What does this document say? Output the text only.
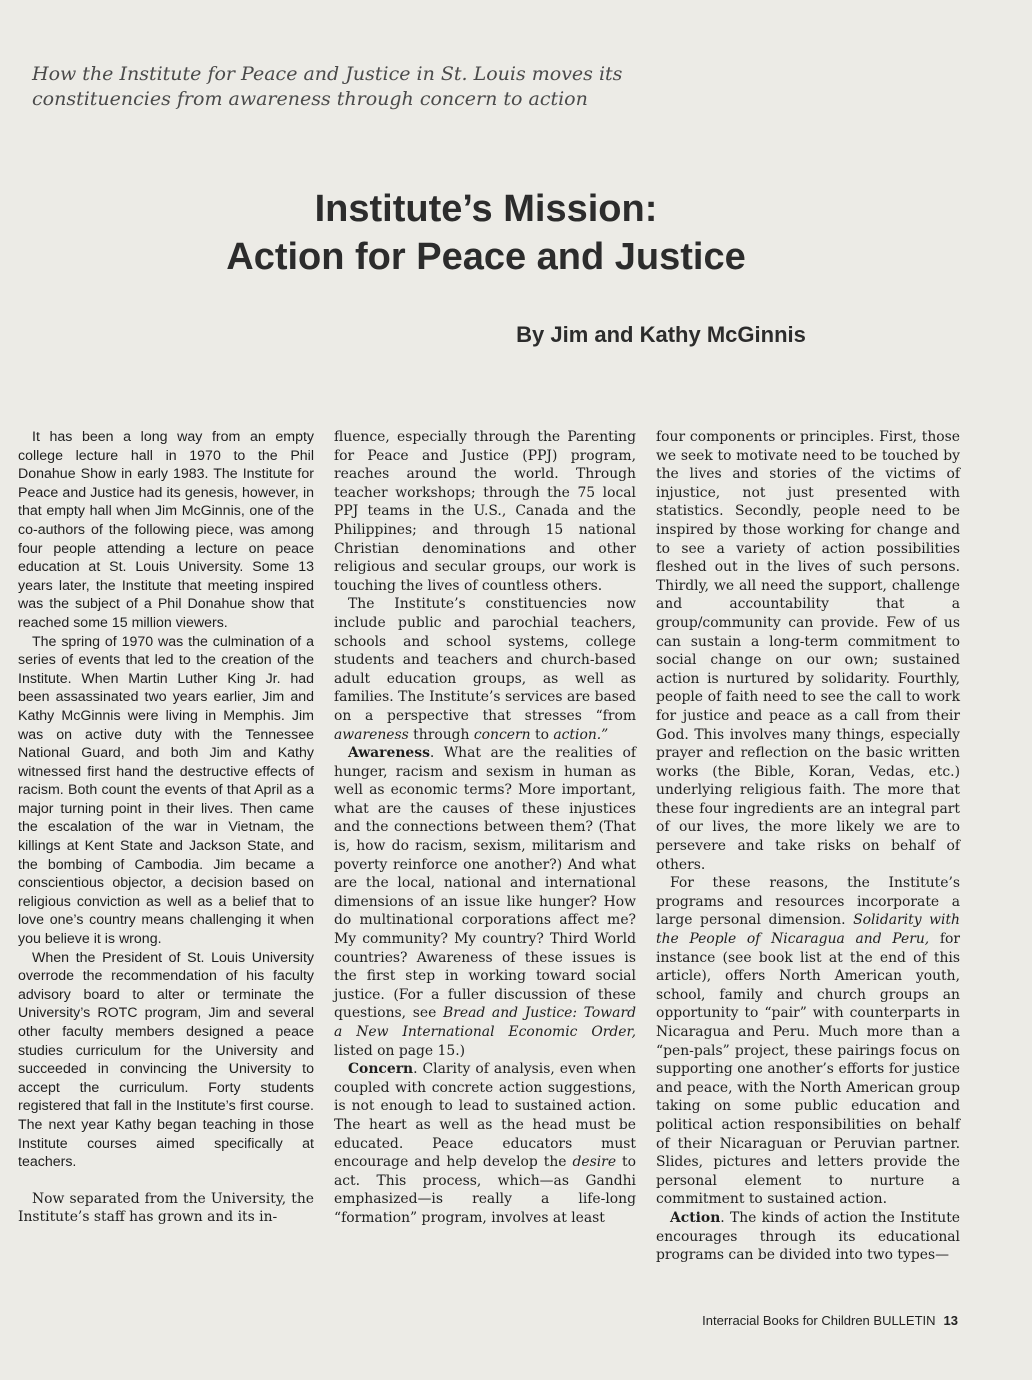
How the Institute for Peace and Justice in St. Louis moves its
constituencies from awareness through concern to action
Institute’s Mission:
Action for Peace and Justice
By Jim and Kathy McGinnis

It has been a long way from an empty college lecture hall in 1970 to the Phil Donahue Show in early 1983. The Institute for Peace and Justice had its genesis, however, in that empty hall when Jim McGinnis, one of the co-authors of the following piece, was among four people attending a lecture on peace education at St. Louis University. Some 13 years later, the Institute that meeting inspired was the subject of a Phil Donahue show that reached some 15 million viewers.

The spring of 1970 was the culmination of a series of events that led to the creation of the Institute. When Martin Luther King Jr. had been assassinated two years earlier, Jim and Kathy McGinnis were living in Memphis. Jim was on active duty with the Tennessee National Guard, and both Jim and Kathy witnessed first hand the destructive effects of racism. Both count the events of that April as a major turning point in their lives. Then came the escalation of the war in Vietnam, the killings at Kent State and Jackson State, and the bombing of Cambodia. Jim became a conscientious objector, a decision based on religious conviction as well as a belief that to love one’s country means challenging it when you believe it is wrong.

When the President of St. Louis University overrode the recommendation of his faculty advisory board to alter or terminate the University’s ROTC program, Jim and several other faculty members designed a peace studies curriculum for the University and succeeded in convincing the University to accept the curriculum. Forty students registered that fall in the Institute’s first course. The next year Kathy began teaching in those Institute courses aimed specifically at teachers.

Now separated from the University, the Institute’s staff has grown and its in-

fluence, especially through the Parenting for Peace and Justice (PPJ) program, reaches around the world. Through teacher workshops; through the 75 local PPJ teams in the U.S., Canada and the Philippines; and through 15 national Christian denominations and other religious and secular groups, our work is touching the lives of countless others.

The Institute’s constituencies now include public and parochial teachers, schools and school systems, college students and teachers and church-based adult education groups, as well as families. The Institute’s services are based on a perspective that stresses “from awareness through concern to action.”

Awareness. What are the realities of hunger, racism and sexism in human as well as economic terms? More important, what are the causes of these injustices and the connections between them? (That is, how do racism, sexism, militarism and poverty reinforce one another?) And what are the local, national and international dimensions of an issue like hunger? How do multinational corporations affect me? My community? My country? Third World countries? Awareness of these issues is the first step in working toward social justice. (For a fuller discussion of these questions, see Bread and Justice: Toward a New International Economic Order, listed on page 15.)

Concern. Clarity of analysis, even when coupled with concrete action suggestions, is not enough to lead to sustained action. The heart as well as the head must be educated. Peace educators must encourage and help develop the desire to act. This process, which—as Gandhi emphasized—is really a life-long “formation” program, involves at least

four components or principles. First, those we seek to motivate need to be touched by the lives and stories of the victims of injustice, not just presented with statistics. Secondly, people need to be inspired by those working for change and to see a variety of action possibilities fleshed out in the lives of such persons. Thirdly, we all need the support, challenge and accountability that a group/community can provide. Few of us can sustain a long-term commitment to social change on our own; sustained action is nurtured by solidarity. Fourthly, people of faith need to see the call to work for justice and peace as a call from their God. This involves many things, especially prayer and reflection on the basic written works (the Bible, Koran, Vedas, etc.) underlying religious faith. The more that these four ingredients are an integral part of our lives, the more likely we are to persevere and take risks on behalf of others.

For these reasons, the Institute’s programs and resources incorporate a large personal dimension. Solidarity with the People of Nicaragua and Peru, for instance (see book list at the end of this article), offers North American youth, school, family and church groups an opportunity to “pair” with counterparts in Nicaragua and Peru. Much more than a “pen-pals” project, these pairings focus on supporting one another’s efforts for justice and peace, with the North American group taking on some public education and political action responsibilities on behalf of their Nicaraguan or Peruvian partner. Slides, pictures and letters provide the personal element to nurture a commitment to sustained action.

Action. The kinds of action the Institute encourages through its educational programs can be divided into two types—

Interracial Books for Children BULLETIN 13
